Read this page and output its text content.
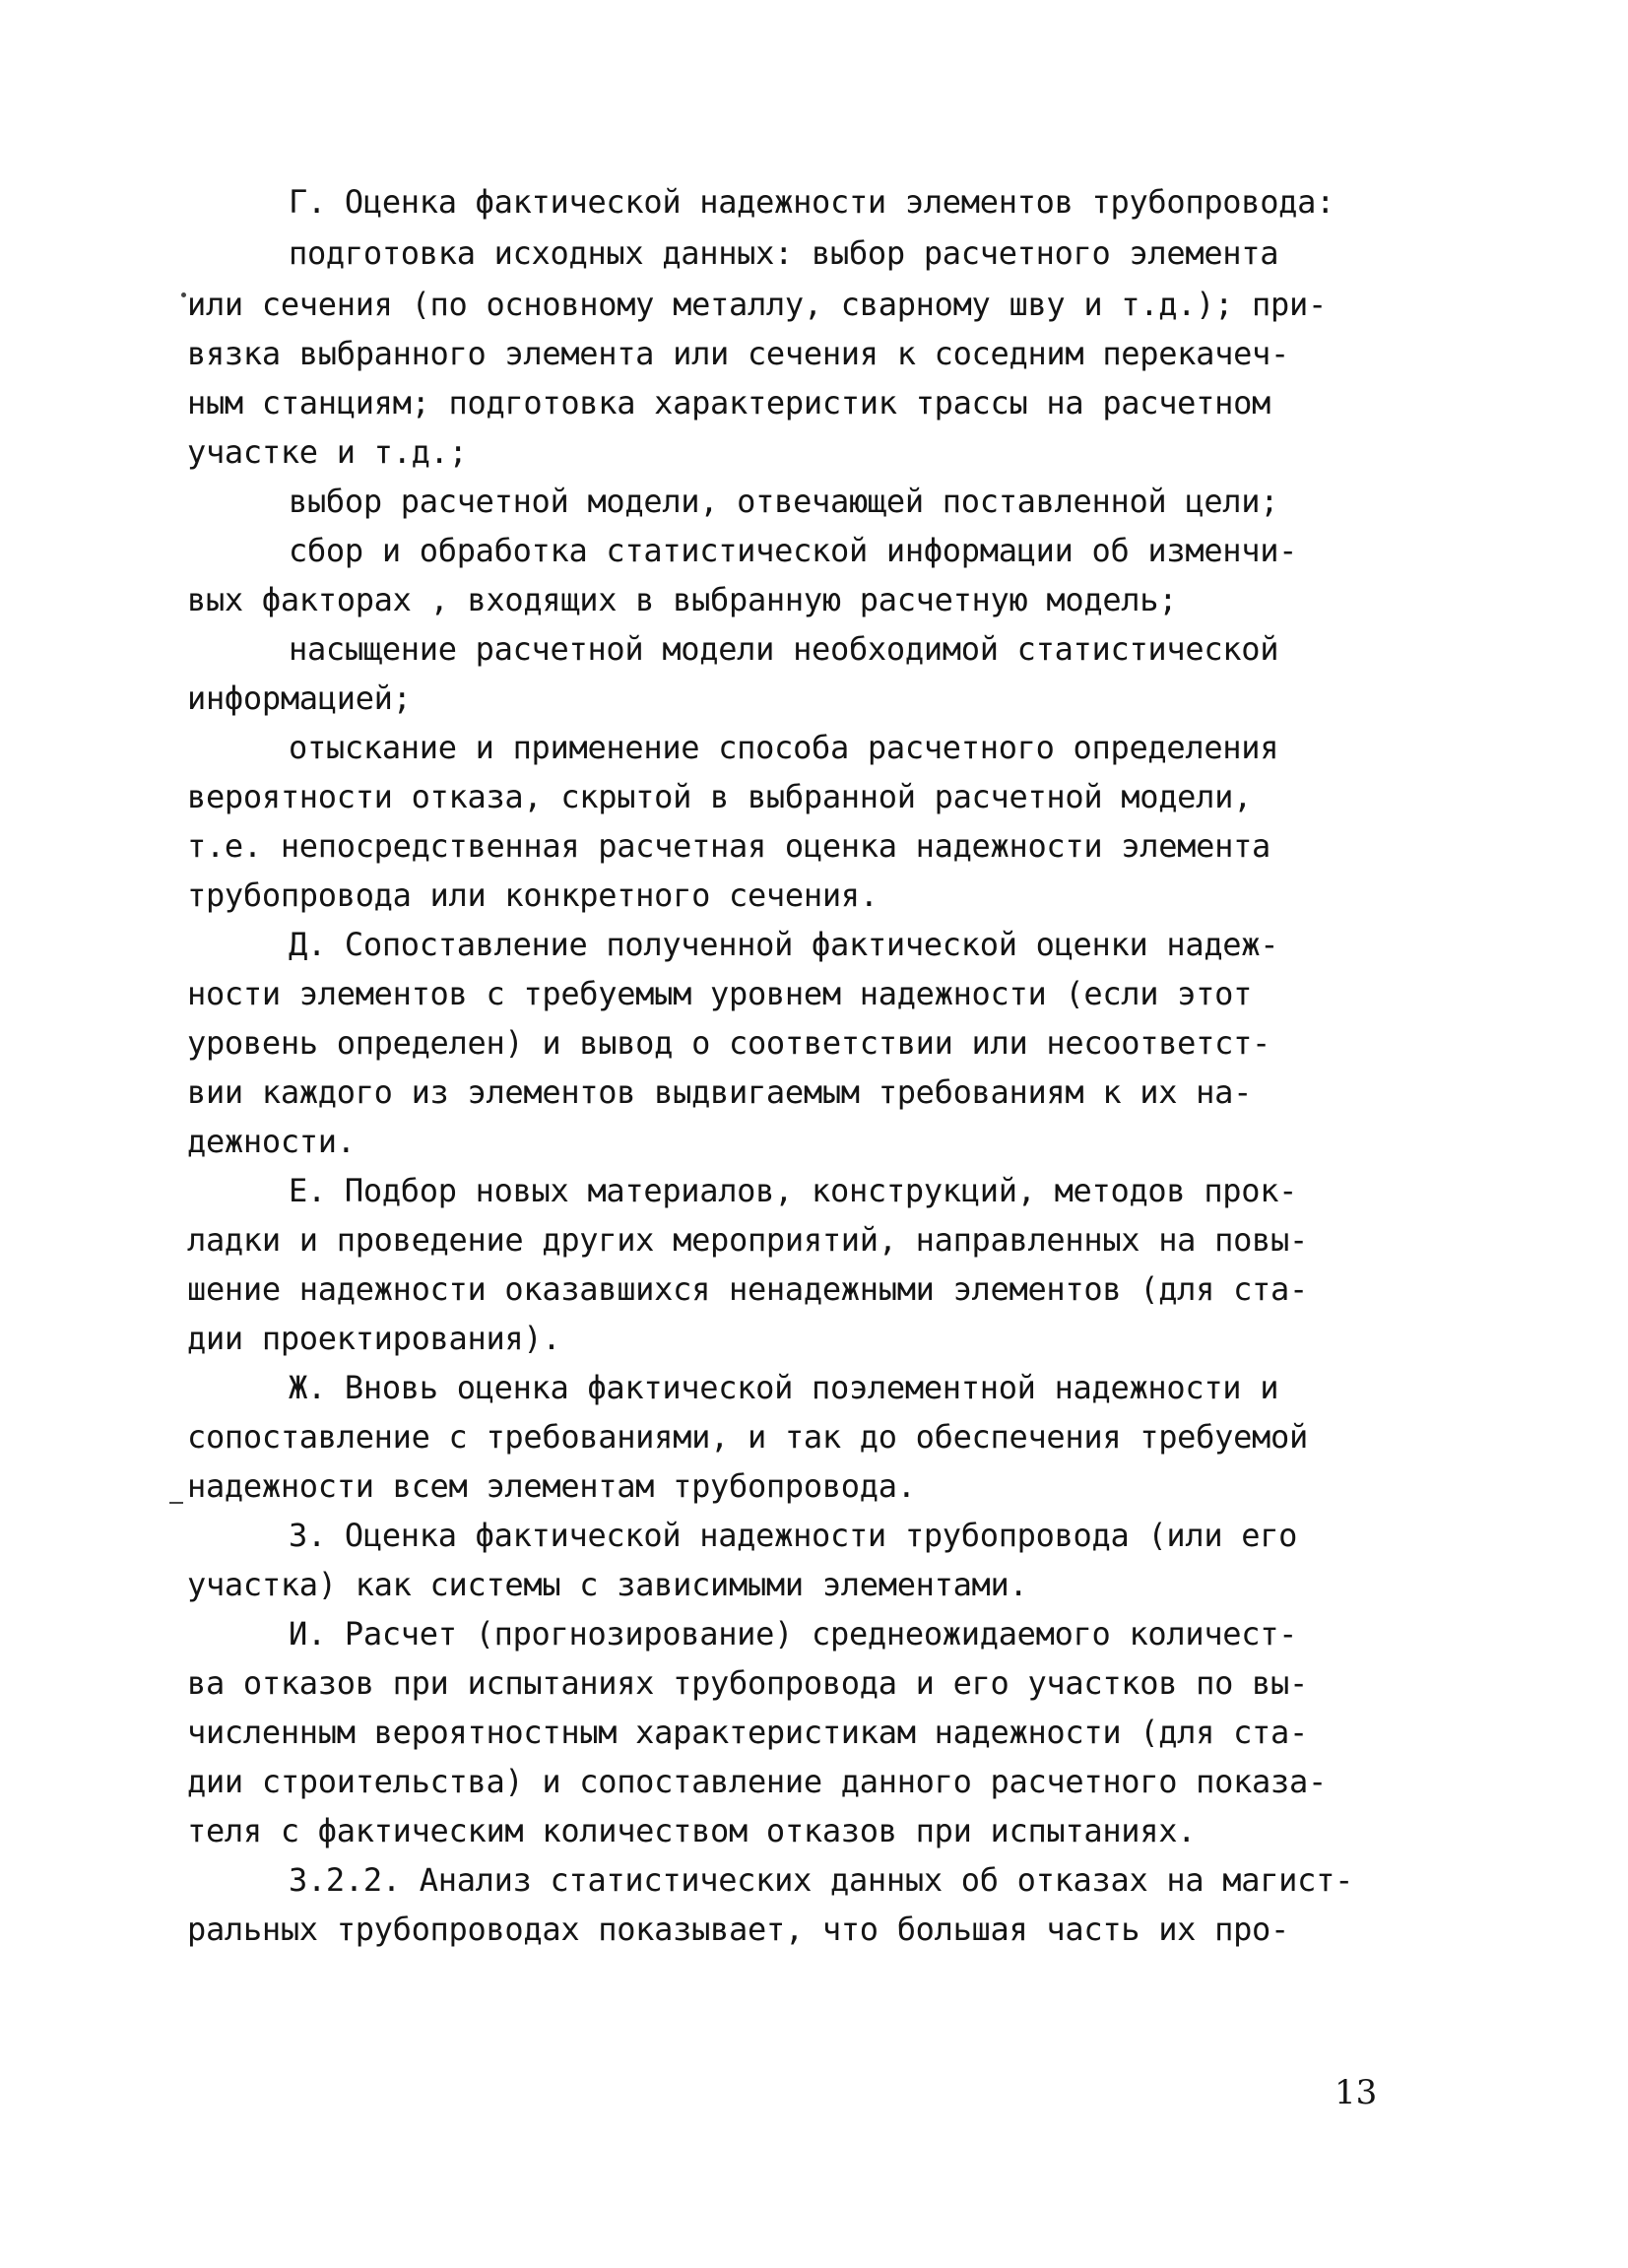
Г. Оценка фактической надежности элементов трубопровода:

подготовка исходных данных: выбор расчетного элемента

или сечения (по основному металлу, сварному шву и т.д.); при-

вязка выбранного элемента или сечения к соседним перекачеч-

ным станциям; подготовка характеристик трассы на расчетном

участке и т.д.;

выбор расчетной модели, отвечающей поставленной цели;

сбор и обработка статистической информации об изменчи-

вых факторах , входящих в выбранную расчетную модель;

насыщение расчетной модели необходимой статистической

информацией;

отыскание и применение способа расчетного определения

вероятности отказа, скрытой в выбранной расчетной модели,

т.е. непосредственная расчетная оценка надежности элемента

трубопровода или конкретного сечения.

Д. Сопоставление полученной фактической оценки надеж-

ности элементов с требуемым уровнем надежности (если этот

уровень определен) и вывод о соответствии или несоответст-

вии каждого из элементов выдвигаемым требованиям к их на-

дежности.

Е. Подбор новых материалов, конструкций, методов прок-

ладки и проведение других мероприятий, направленных на повы-

шение надежности оказавшихся ненадежными элементов (для ста-

дии проектирования).

Ж. Вновь оценка фактической поэлементной надежности и

сопоставление с требованиями, и так до обеспечения требуемой

надежности всем элементам трубопровода.

З. Оценка фактической надежности трубопровода (или его

участка) как системы с зависимыми элементами.

И. Расчет (прогнозирование) среднеожидаемого количест-

ва отказов при испытаниях трубопровода и его участков по вы-

численным вероятностным характеристикам надежности (для ста-

дии строительства) и сопоставление данного расчетного показа-

теля с фактическим количеством отказов при испытаниях.

3.2.2. Анализ статистических данных об отказах на магист-

ральных трубопроводах показывает, что большая часть их про-

13
